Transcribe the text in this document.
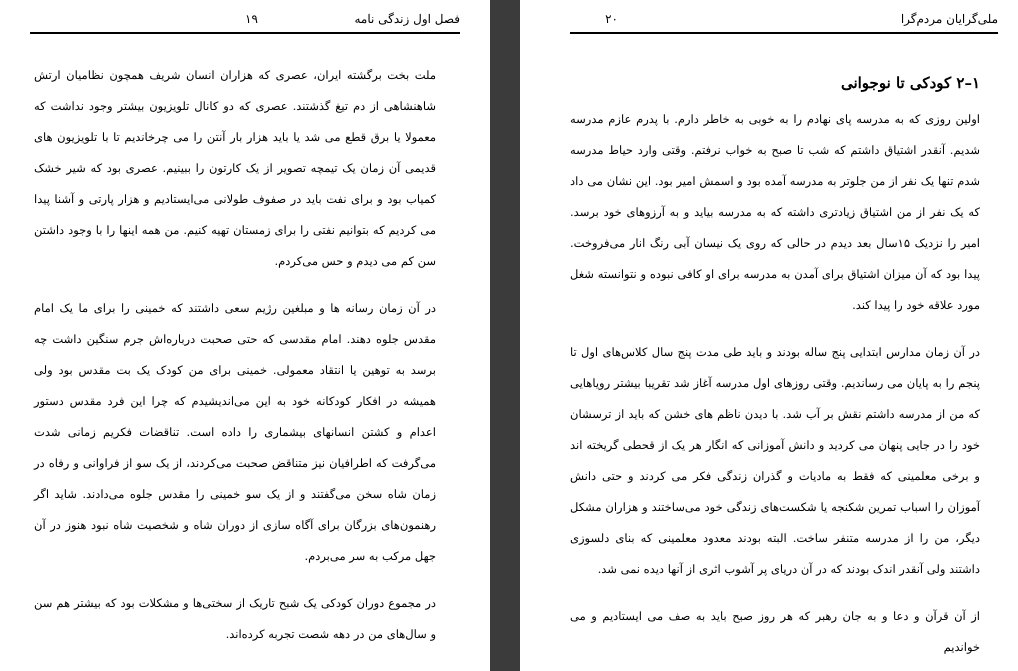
فصل اول زندگی نامه
۱۹

ملت بخت برگشته ایران، عصری که هزاران انسان شریف همچون نظامیان ارتش شاهنشاهی از دم تیغ گذشتند. عصری که دو کانال تلویزیون بیشتر وجود نداشت که معمولا یا برق قطع می شد یا باید هزار بار آنتن را می چرخاندیم تا با تلویزیون های قدیمی آن زمان یک تیمچه تصویر از یک کارتون را ببینیم. عصری بود که شیر خشک کمیاب بود و برای نفت باید در صفوف طولانی می‌ایستادیم و هزار پارتی و آشنا پیدا می کردیم که بتوانیم نفتی را برای زمستان تهیه کنیم. من همه اینها را با وجود داشتن سن کم می دیدم و حس می‌کردم.

در آن زمان رسانه ها و مبلغین رژیم سعی داشتند که خمینی را برای ما یک امام مقدس جلوه دهند. امام مقدسی که حتی صحبت درباره‌اش جرم سنگین داشت چه برسد به توهین یا انتقاد معمولی. خمینی برای من کودک یک بت مقدس بود ولی همیشه در افکار کودکانه خود به این می‌اندیشیدم که چرا این فرد مقدس دستور اعدام و کشتن انسانهای بیشماری را داده است. تناقضات فکریم زمانی شدت می‌گرفت که اطرافیان نیز متناقض صحبت می‌کردند، از یک سو از فراوانی و رفاه در زمان شاه سخن می‌گفتند و از یک سو خمینی را مقدس جلوه می‌دادند. شاید اگر رهنمون‌های بزرگان برای آگاه سازی از دوران شاه و شخصیت شاه نبود هنوز در آن جهل مرکب به سر می‌بردم.

در مجموع دوران کودکی یک شبح تاریک از سختی‌ها و مشکلات بود که بیشتر هم سن و سال‌های من در دهه شصت تجربه کرده‌اند.

ملی‌گرایان مردم‌گرا
۲۰
۱–۲ کودکی تا نوجوانی

اولین روزی که به مدرسه پای نهادم را به خوبی به خاطر دارم. با پدرم عازم مدرسه شدیم. آنقدر اشتیاق داشتم که شب تا صبح به خواب نرفتم. وقتی وارد حیاط مدرسه شدم تنها یک نفر از من جلوتر به مدرسه آمده بود و اسمش امیر بود. این نشان می داد که یک نفر از من اشتیاق زیادتری داشته که به مدرسه بیاید و به آرزوهای خود برسد. امیر را نزدیک ۱۵سال بعد دیدم در حالی که روی یک نیسان آبی رنگ انار می‌فروخت. پیدا بود که آن میزان اشتیاق برای آمدن به مدرسه برای او کافی نبوده و نتوانسته شغل مورد علاقه خود را پیدا کند.

در آن زمان مدارس ابتدایی پنج ساله بودند و باید طی مدت پنج سال کلاس‌های اول تا پنجم را به پایان می رساندیم. وقتی روزهای اول مدرسه آغاز شد تقریبا بیشتر رویاهایی که من از مدرسه داشتم نقش بر آب شد. با دیدن ناظم های خشن که باید از ترسشان خود را در جایی پنهان می کردید و دانش آموزانی که انگار هر یک از قحطی گریخته اند و برخی معلمینی که فقط به مادیات و گذران زندگی فکر می کردند و حتی دانش آموزان را اسباب تمرین شکنجه یا شکست‌های زندگی خود می‌ساختند و هزاران مشکل دیگر، من را از مدرسه متنفر ساخت. البته بودند معدود معلمینی که بنای دلسوزی داشتند ولی آنقدر اندک بودند که در آن دریای پر آشوب اثری از آنها دیده نمی شد.

از آن قرآن و دعا و به جان رهبر که هر روز صبح باید به صف می ایستادیم و می خواندیم
